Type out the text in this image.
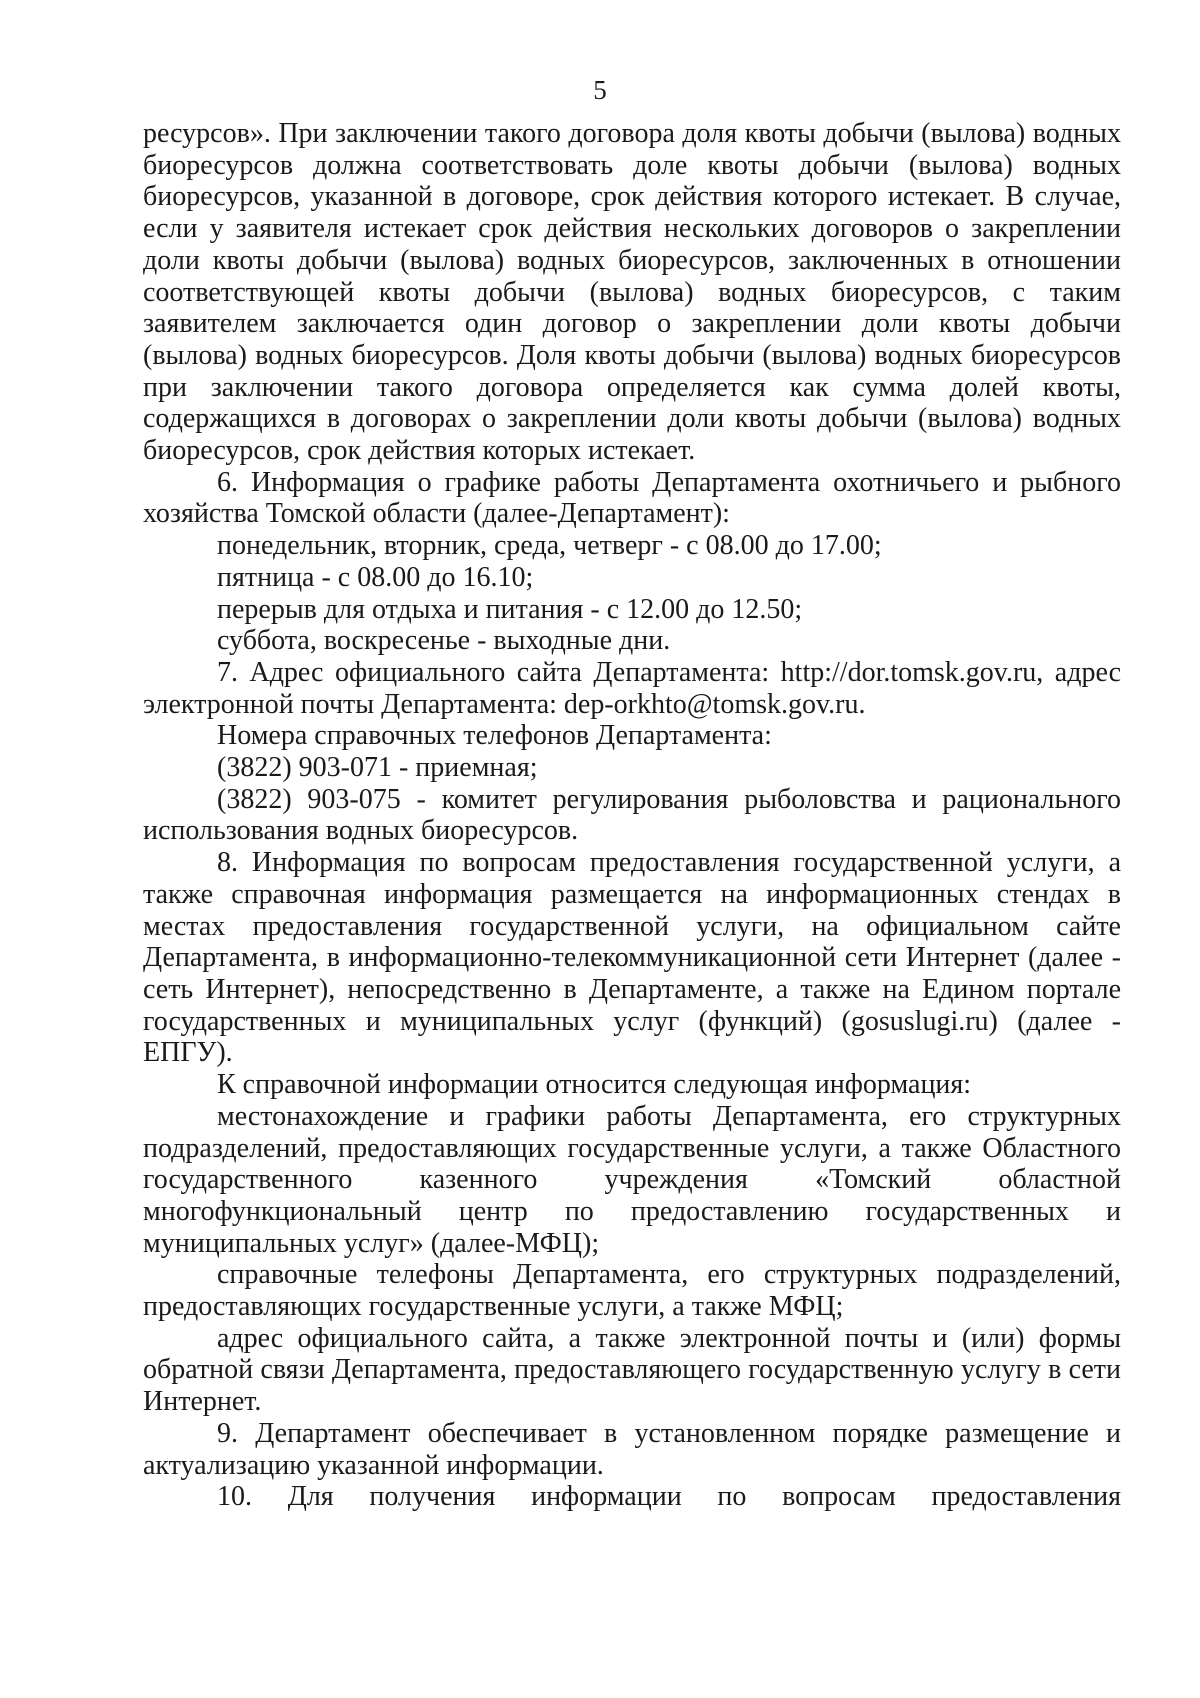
5

ресурсов». При заключении такого договора доля квоты добычи (вылова) водных биоресурсов должна соответствовать доле квоты добычи (вылова) водных биоресурсов, указанной в договоре, срок действия которого истекает. В случае, если у заявителя истекает срок действия нескольких договоров о закреплении доли квоты добычи (вылова) водных биоресурсов, заключенных в отношении соответствующей квоты добычи (вылова) водных биоресурсов, с таким заявителем заключается один договор о закреплении доли квоты добычи (вылова) водных биоресурсов. Доля квоты добычи (вылова) водных биоресурсов при заключении такого договора определяется как сумма долей квоты, содержащихся в договорах о закреплении доли квоты добычи (вылова) водных биоресурсов, срок действия которых истекает.

6. Информация о графике работы Департамента охотничьего и рыбного хозяйства Томской области (далее-Департамент):

понедельник, вторник, среда, четверг - с 08.00 до 17.00;

пятница - с 08.00 до 16.10;

перерыв для отдыха и питания - с 12.00 до 12.50;

суббота, воскресенье - выходные дни.

7. Адрес официального сайта Департамента: http://dor.tomsk.gov.ru, адрес электронной почты Департамента: dep-orkhto@tomsk.gov.ru.

Номера справочных телефонов Департамента:

(3822) 903-071 - приемная;

(3822) 903-075 - комитет регулирования рыболовства и рационального использования водных биоресурсов.

8. Информация по вопросам предоставления государственной услуги, а также справочная информация размещается на информационных стендах в местах предоставления государственной услуги, на официальном сайте Департамента, в информационно-телекоммуникационной сети Интернет (далее - сеть Интернет), непосредственно в Департаменте, а также на Едином портале государственных и муниципальных услуг (функций) (gosuslugi.ru) (далее - ЕПГУ).

К справочной информации относится следующая информация:

местонахождение и графики работы Департамента, его структурных подразделений, предоставляющих государственные услуги, а также Областного государственного казенного учреждения «Томский областной многофункциональный центр по предоставлению государственных и муниципальных услуг» (далее-МФЦ);

справочные телефоны Департамента, его структурных подразделений, предоставляющих государственные услуги, а также МФЦ;

адрес официального сайта, а также электронной почты и (или) формы обратной связи Департамента, предоставляющего государственную услугу в сети Интернет.

9. Департамент обеспечивает в установленном порядке размещение и актуализацию указанной информации.

10. Для получения информации по вопросам предоставления
